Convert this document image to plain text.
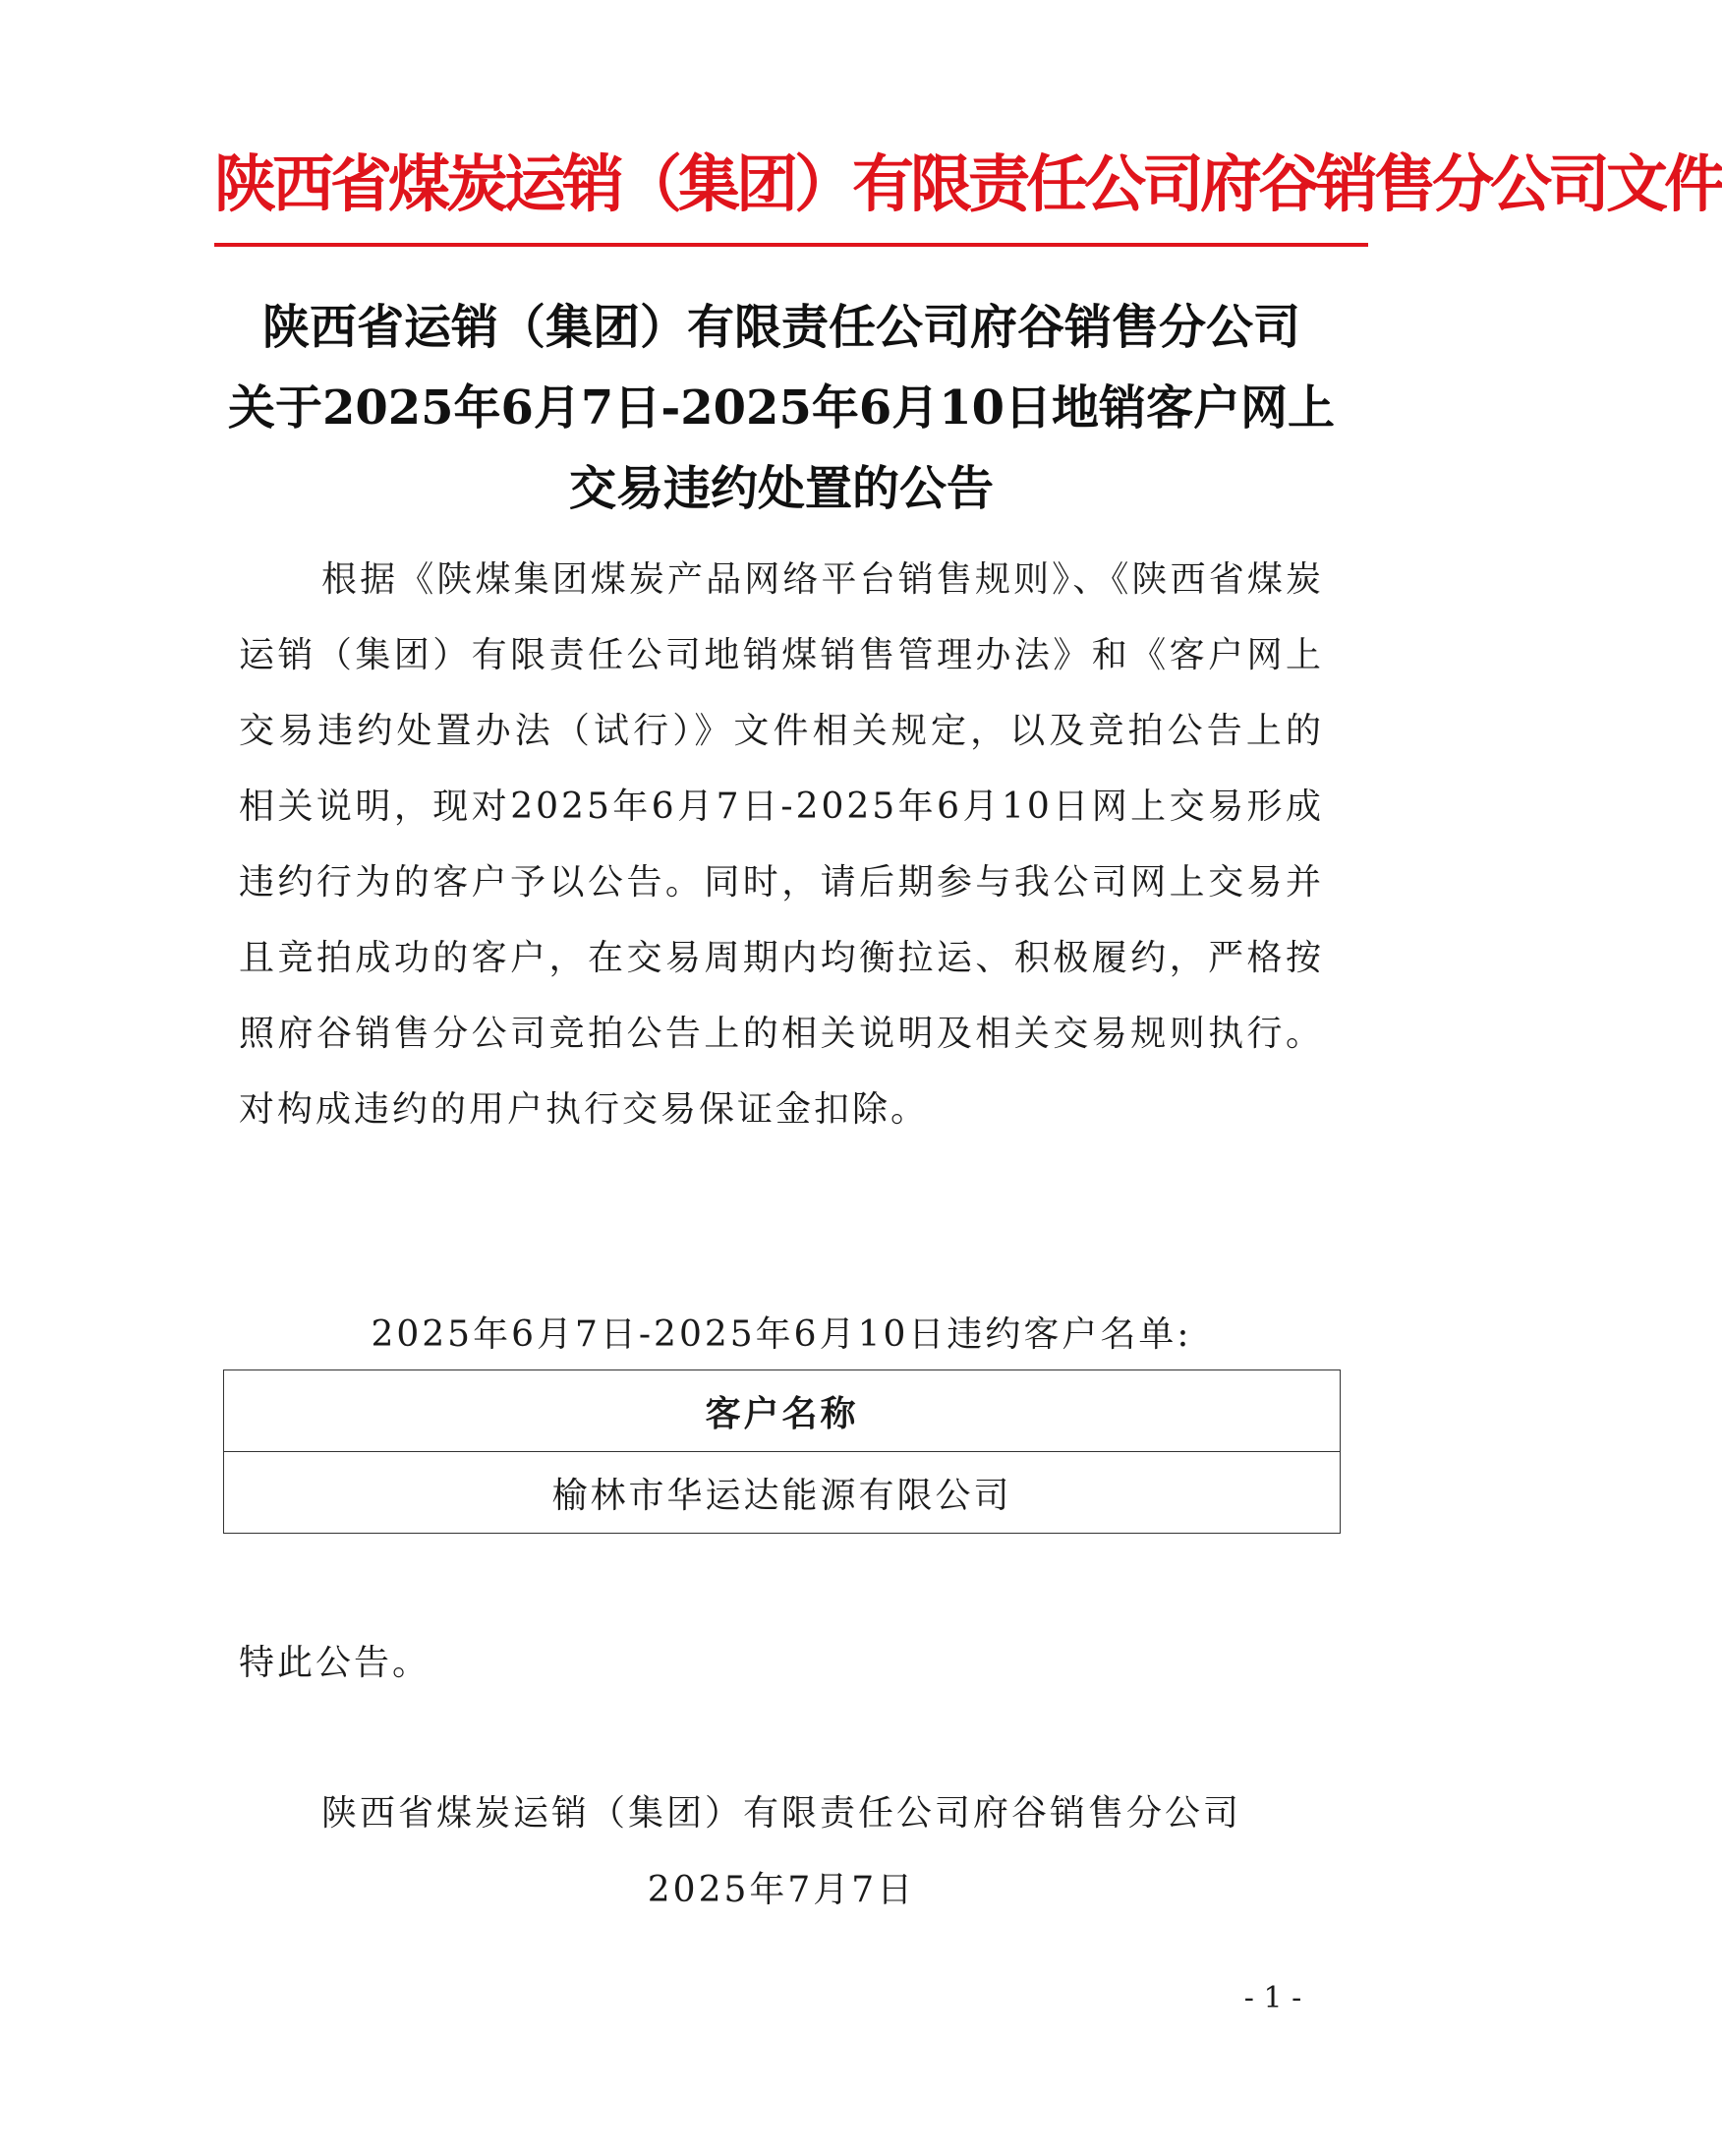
陕西省煤炭运销（集团）有限责任公司府谷销售分公司文件
陕西省运销（集团）有限责任公司府谷销售分公司
关于2025年6月7日-2025年6月10日地销客户网上
交易违约处置的公告
根据《陕煤集团煤炭产品网络平台销售规则》、《陕西省煤炭运销（集团）有限责任公司地销煤销售管理办法》和《客户网上交易违约处置办法（试行）》文件相关规定，以及竞拍公告上的相关说明，现对2025年6月7日-2025年6月10日网上交易形成违约行为的客户予以公告。同时，请后期参与我公司网上交易并且竞拍成功的客户，在交易周期内均衡拉运、积极履约，严格按照府谷销售分公司竞拍公告上的相关说明及相关交易规则执行。对构成违约的用户执行交易保证金扣除。
2025年6月7日-2025年6月10日违约客户名单:
客户名称
榆林市华运达能源有限公司
特此公告。
陕西省煤炭运销（集团）有限责任公司府谷销售分公司
2025年7月7日
- 1 -
